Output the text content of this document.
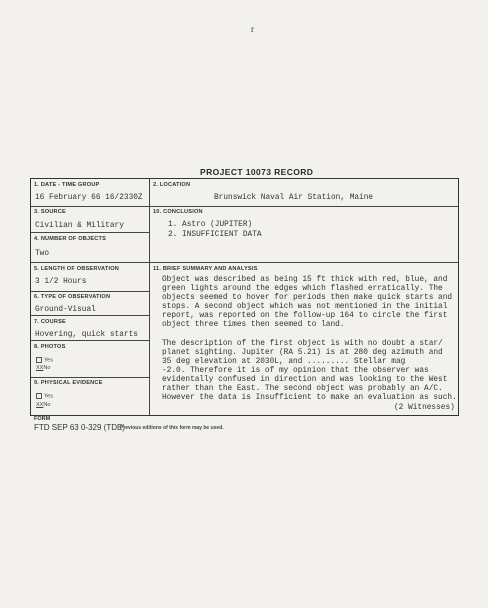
r
PROJECT 10073 RECORD
1. DATE - TIME GROUP
16 February 66 16/2330Z
2. LOCATION
Brunswick Naval Air Station, Maine
3. SOURCE
Civilian & Military
4. NUMBER OF OBJECTS
Two
5. LENGTH OF OBSERVATION
3 1/2 Hours
6. TYPE OF OBSERVATION
Ground-Visual
7. COURSE
Hovering, quick starts
8. PHOTOS
Yes
XXNo
9. PHYSICAL EVIDENCE
Yes
XXNo
10. CONCLUSION
1. Astro (JUPITER)
2. INSUFFICIENT DATA
11. BRIEF SUMMARY AND ANALYSIS
Object was described as being 15 ft thick with red, blue, and
green lights around the edges which flashed erratically. The
objects seemed to hover for periods then make quick starts and
stops. A second object which was not mentioned in the initial
report, was reported on the follow-up 164 to circle the first
object three times then seemed to land.
The description of the first object is with no doubt a star/
planet sighting. Jupiter (RA 5.21) is at 280 deg azimuth and
35 deg elevation at 2030L, and ......... Stellar mag
-2.0. Therefore it is of my opinion that the observer was
evidentally confused in direction and was looking to the West
rather than the East. The second object was probably an A/C.
However the data is Insufficient to make an evaluation as such.
(2 Witnesses)
FORM
FTD SEP 63 0-329 (TDE)
Previous editions of this form may be used.
